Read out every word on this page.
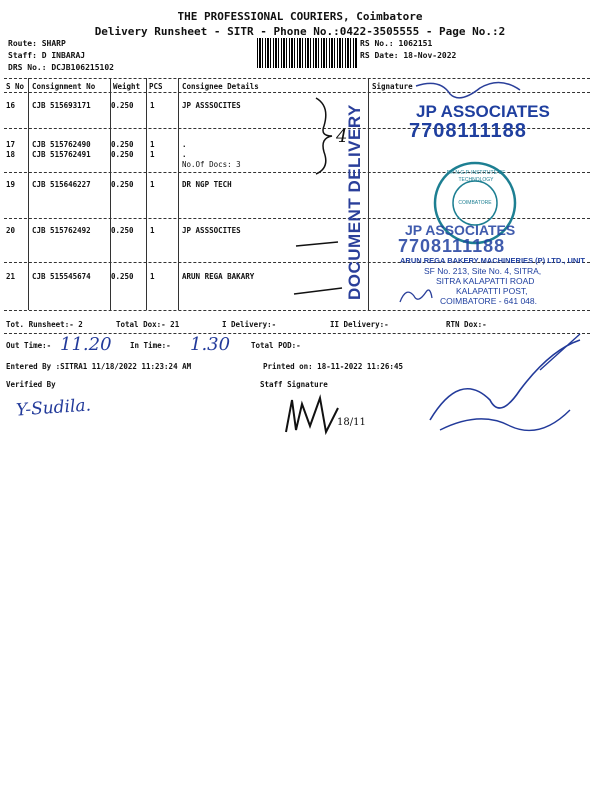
THE PROFESSIONAL COURIERS, Coimbatore
Delivery Runsheet - SITR - Phone No.:0422-3505555 - Page No.:2
Route: SHARP
Staff: D INBARAJ
DRS No.: DCJB106215102
RS No.: 1062151
RS Date: 18-Nov-2022
S No Consignment No Weight PCS	Consignee Details	Signature
16 CJB 515693171	0.250 1	JP ASSSOCITES
17 CJB 515762490	0.250 1	.
18 CJB 515762491	0.250 1	.
No.Of Docs: 3
19 CJB 515646227	0.250 1	DR NGP TECH
20 CJB 515762492	0.250 1	JP ASSSOCITES
21 CJB 515545674	0.250 1	ARUN REGA BAKARY
Tot. Runsheet:- 2	Total Dox:- 21	I Delivery:-	II Delivery:-	RTN Dox:-
Out Time:- 11.20 In Time:- 1.30	Total POD:-
Entered By :SITRA1 11/18/2022 11:23:24 AM	Printed on: 18-11-2022 11:26:45
Verified By	Staff Signature
Y-Sudila.
18/11
4
DOCUMENT DELIVERY	JP ASSOCIATES
7708111188
DR.N.G.P. INSTITUTE OF TECHNOLOGY
COIMBATORE
JP ASSOCIATES
7708111188
ARUN REGA BAKERY MACHINERIES (P) LTD., UNIT
SF No. 213, Site No. 4, SITRA,
SITRA KALAPATTI ROAD
KALAPATTI POST,
COIMBATORE - 641 048.
